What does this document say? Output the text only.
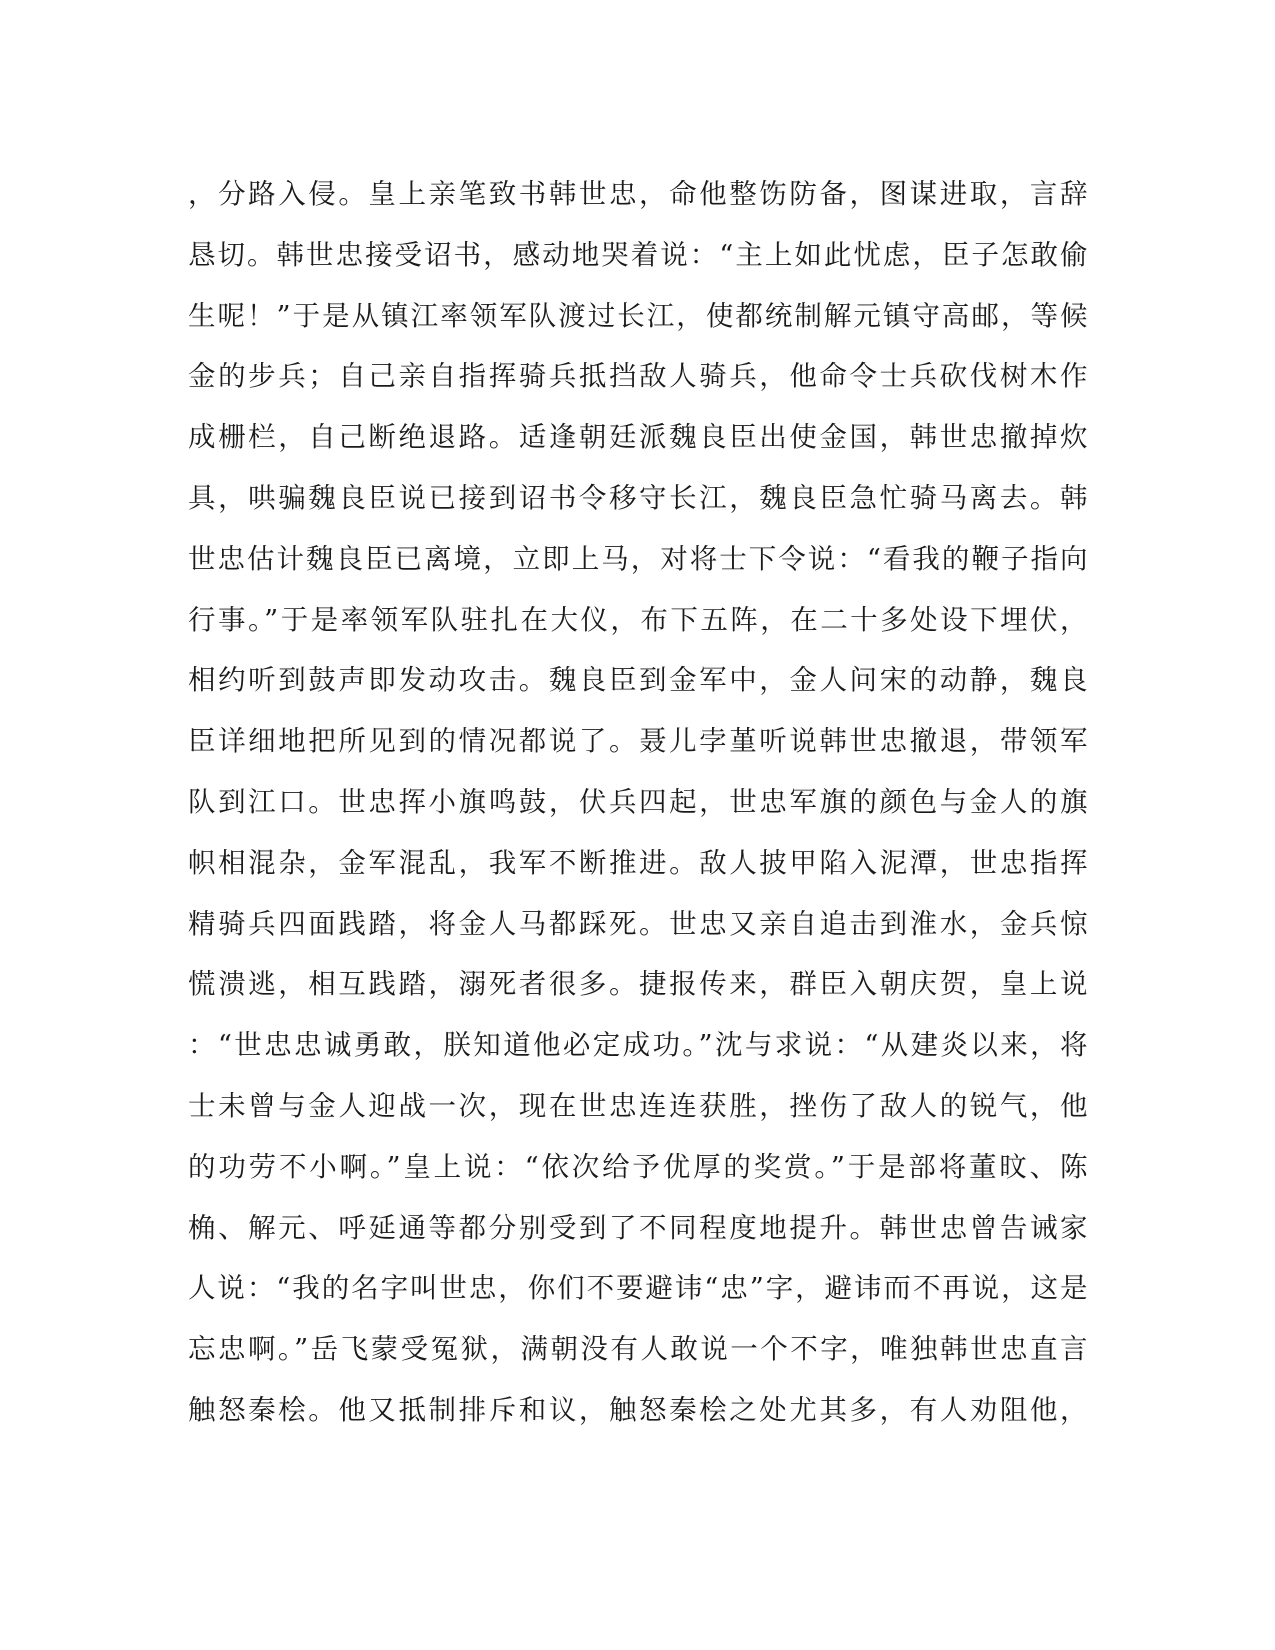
，分路入侵。皇上亲笔致书韩世忠，命他整饬防备，图谋进取，言辞
恳切。韩世忠接受诏书，感动地哭着说：“主上如此忧虑，臣子怎敢偷
生呢！”于是从镇江率领军队渡过长江，使都统制解元镇守高邮，等候
金的步兵；自己亲自指挥骑兵抵挡敌人骑兵，他命令士兵砍伐树木作
成栅栏，自己断绝退路。适逢朝廷派魏良臣出使金国，韩世忠撤掉炊
具，哄骗魏良臣说已接到诏书令移守长江，魏良臣急忙骑马离去。韩
世忠估计魏良臣已离境，立即上马，对将士下令说：“看我的鞭子指向
行事。”于是率领军队驻扎在大仪，布下五阵，在二十多处设下埋伏，
相约听到鼓声即发动攻击。魏良臣到金军中，金人问宋的动静，魏良
臣详细地把所见到的情况都说了。聂儿孛堇听说韩世忠撤退，带领军
队到江口。世忠挥小旗鸣鼓，伏兵四起，世忠军旗的颜色与金人的旗
帜相混杂，金军混乱，我军不断推进。敌人披甲陷入泥潭，世忠指挥
精骑兵四面践踏，将金人马都踩死。世忠又亲自追击到淮水，金兵惊
慌溃逃，相互践踏，溺死者很多。捷报传来，群臣入朝庆贺，皇上说
：“世忠忠诚勇敢，朕知道他必定成功。”沈与求说：“从建炎以来，将
士未曾与金人迎战一次，现在世忠连连获胜，挫伤了敌人的锐气，他
的功劳不小啊。”皇上说：“依次给予优厚的奖赏。”于是部将董旼、陈
桷、解元、呼延通等都分别受到了不同程度地提升。韩世忠曾告诫家
人说：“我的名字叫世忠，你们不要避讳“忠”字，避讳而不再说，这是
忘忠啊。”岳飞蒙受冤狱，满朝没有人敢说一个不字，唯独韩世忠直言
触怒秦桧。他又抵制排斥和议，触怒秦桧之处尤其多，有人劝阻他，
